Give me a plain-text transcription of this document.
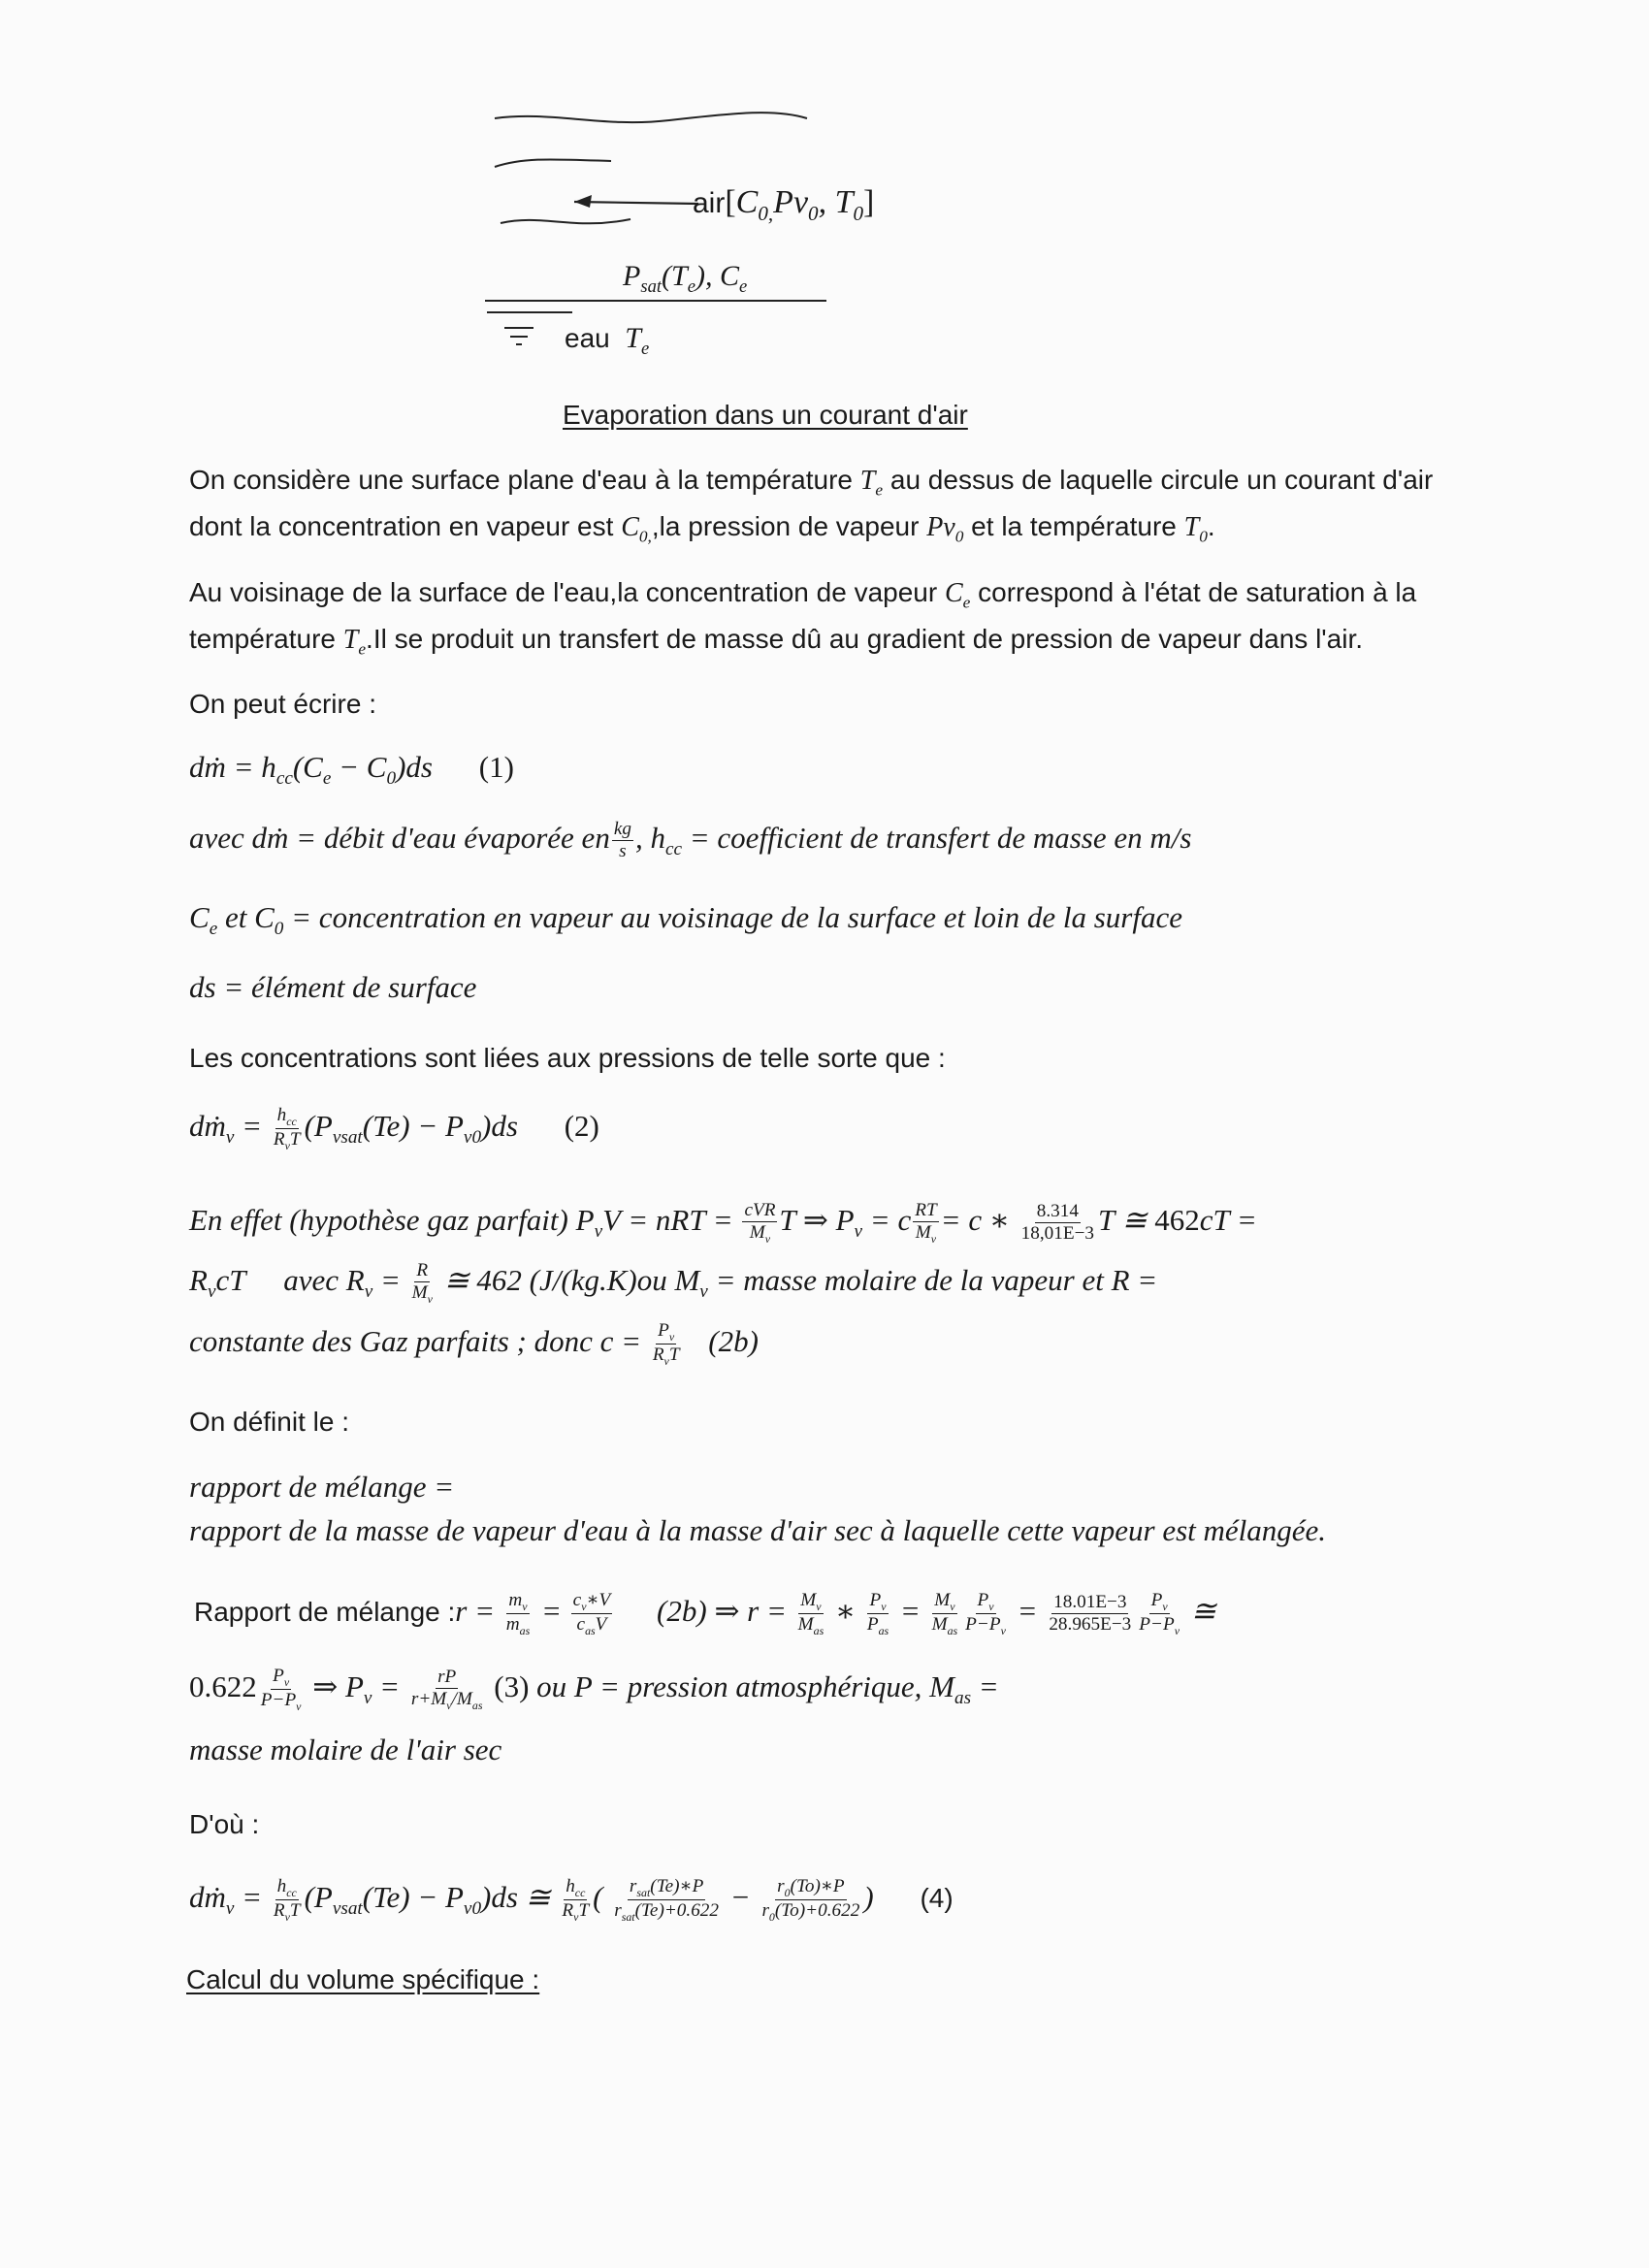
$air[C_{0,}Pv_0$, $T_0$]
$P_{sat}(T_e)$, $C_e$
eau $T_e$
Evaporation dans un courant d'air
On considère une surface plane d'eau à la température $T_e$ au dessus de laquelle circule un courant d'air dont la concentration en vapeur est $C_{0,},la$ pression de vapeur $Pv_0$ et la température $T_0$.
Au voisinage de la surface de l'eau,la concentration de vapeur $C_e$ correspond à l'état de saturation à la température $T_e.Il$ se produit un transfert de masse dû au gradient de pression de vapeur dans l'air.
On peut écrire :
dṁ = $h_{cc}(C_e - C_0)ds$ (1)
avec dṁ = débit d'eau évaporée en $\frac{kg}{s}$ , $h_{cc}$ = coefficient de transfert de masse en m/s
$C_e$ et $C_0$ = concentration en vapeur au voisinage de la surface et loin de la surface
ds = élément de surface
Les concentrations sont liées aux pressions de telle sorte que :
dṁ$_v$ = $\frac{h_{cc}}{R_vT} (P_{vsat}(Te) - P_{v0})ds$ (2)
En effet (hypothèse gaz parfait) $P_vV$ = nRT = $\frac{\text{cVR}}{M_v}$ T ⇒ $P_v = c \frac{RT}{M_v} = c$ ∗ $\frac{8.314}{18,01E-3}$ T ≅ 462cT =
$R_vcT$     avec $R_v = \frac{R}{M_v}$ ≅ 462 (J/(kg.K)ou $M_v$ = masse molaire de la vapeur et R =
constante des Gaz parfaits ; donc $c = \frac{P_v}{R_vT} (2b)$
On définit le :
rapport de mélange =
rapport de la masse de vapeur d'eau à la masse d'air sec à laquelle cette vapeur est mélangée.
Rapport de mélange :r = $\frac{m_v}{m_{as}} = \frac{c_v∗V}{c_{as}V} (2b)$ ⇒ $r = \frac{M_v}{M_{as}}$ ∗ $\frac{P_v}{P_{as}} = \frac{M_v}{M_{as}} \frac{P_v}{P-P_v} = \frac{18.01E-3}{28.965E-3} \frac{P_v}{P-P_v}$ ≅
$0.622 \frac{P_v}{P-P_v}$ ⇒ $P_v = \frac{rP}{r+M_v/M_{as}} (3)$ ou P = pression atmosphérique, $M_{as}$ =
masse molaire de l'air sec
D'où :
dṁ$_v$ = $\frac{h_{cc}}{R_vT} (P_{vsat}(Te) - P_{v0})ds$ ≅ $\frac{h_{cc}}{R_vT}$ ( $\frac{r_{sat}(Te)∗P}{r_{sat}(Te)+0.622} - \frac{r_0(To)∗P}{r_0(To)+0.622}$ ) (4)
Calcul du volume spécifique :
